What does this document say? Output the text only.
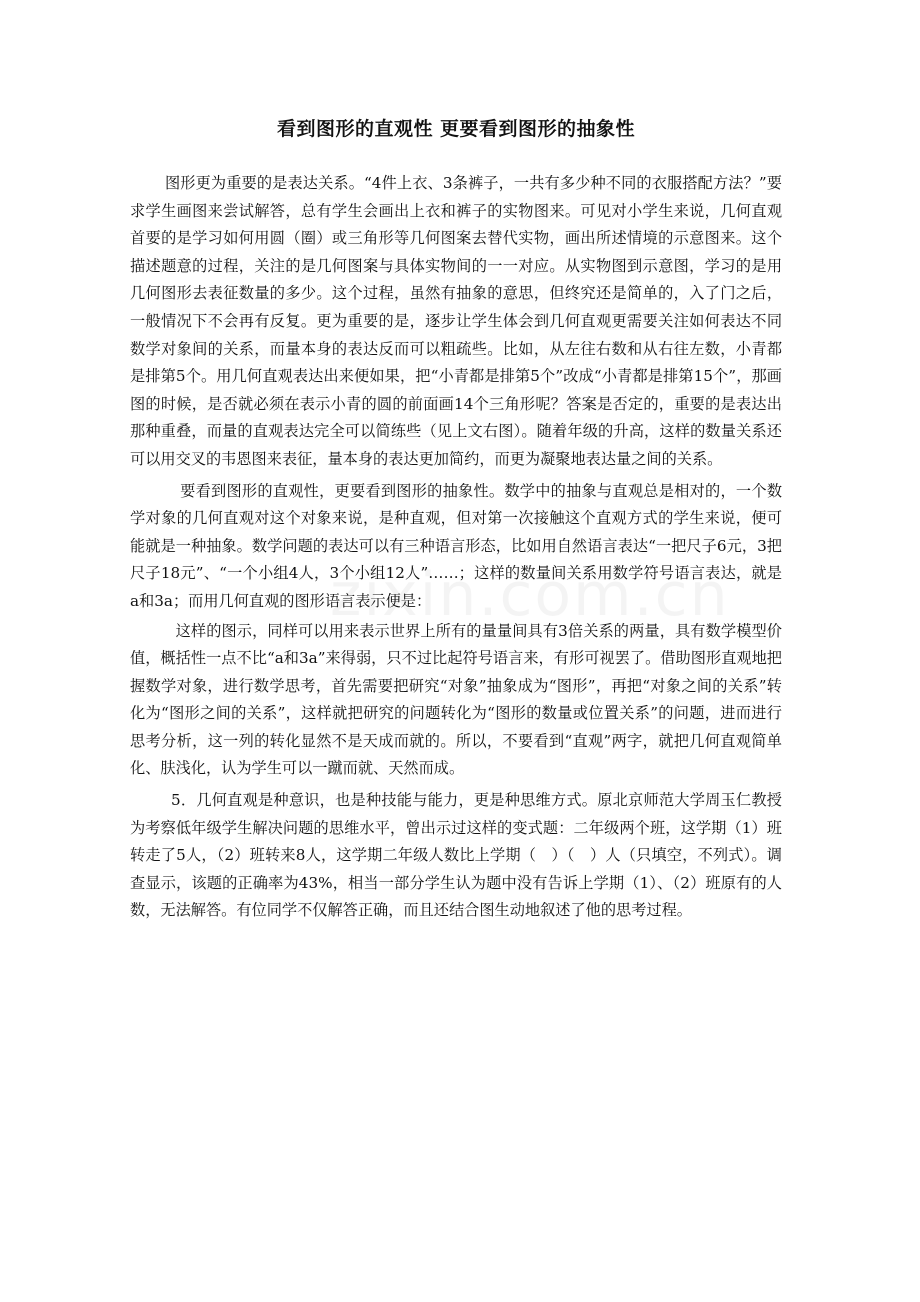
看到图形的直观性 更要看到图形的抽象性

图形更为重要的是表达关系。“4件上衣、3条裤子，一共有多少种不同的衣服搭配方法？”要求学生画图来尝试解答，总有学生会画出上衣和裤子的实物图来。可见对小学生来说，几何直观首要的是学习如何用圆（圈）或三角形等几何图案去替代实物，画出所述情境的示意图来。这个描述题意的过程，关注的是几何图案与具体实物间的一一对应。从实物图到示意图，学习的是用几何图形去表征数量的多少。这个过程，虽然有抽象的意思，但终究还是简单的，入了门之后，一般情况下不会再有反复。更为重要的是，逐步让学生体会到几何直观更需要关注如何表达不同数学对象间的关系，而量本身的表达反而可以粗疏些。比如，从左往右数和从右往左数，小青都是排第5个。用几何直观表达出来便如果，把“小青都是排第5个”改成“小青都是排第15个”，那画图的时候，是否就必须在表示小青的圆的前面画14个三角形呢？答案是否定的，重要的是表达出那种重叠，而量的直观表达完全可以简练些（见上文右图）。随着年级的升高，这样的数量关系还可以用交叉的韦恩图来表征，量本身的表达更加简约，而更为凝聚地表达量之间的关系。

要看到图形的直观性，更要看到图形的抽象性。数学中的抽象与直观总是相对的，一个数学对象的几何直观对这个对象来说，是种直观，但对第一次接触这个直观方式的学生来说，便可能就是一种抽象。数学问题的表达可以有三种语言形态，比如用自然语言表达“一把尺子6元，3把尺子18元”、“一个小组4人，3个小组12人”……；这样的数量间关系用数学符号语言表达，就是a和3a；而用几何直观的图形语言表示便是：

这样的图示，同样可以用来表示世界上所有的量量间具有3倍关系的两量，具有数学模型价值，概括性一点不比“a和3a”来得弱，只不过比起符号语言来，有形可视罢了。借助图形直观地把握数学对象，进行数学思考，首先需要把研究“对象”抽象成为“图形”，再把“对象之间的关系”转化为“图形之间的关系”，这样就把研究的问题转化为“图形的数量或位置关系”的问题，进而进行思考分析，这一列的转化显然不是天成而就的。所以，不要看到“直观”两字，就把几何直观简单化、肤浅化，认为学生可以一蹴而就、天然而成。

5．几何直观是种意识，也是种技能与能力，更是种思维方式。原北京师范大学周玉仁教授为考察低年级学生解决问题的思维水平，曾出示过这样的变式题：二年级两个班，这学期（1）班转走了5人，（2）班转来8人，这学期二年级人数比上学期（　）（　）人（只填空，不列式）。调查显示，该题的正确率为43%，相当一部分学生认为题中没有告诉上学期（1）、（2）班原有的人数，无法解答。有位同学不仅解答正确，而且还结合图生动地叙述了他的思考过程。
